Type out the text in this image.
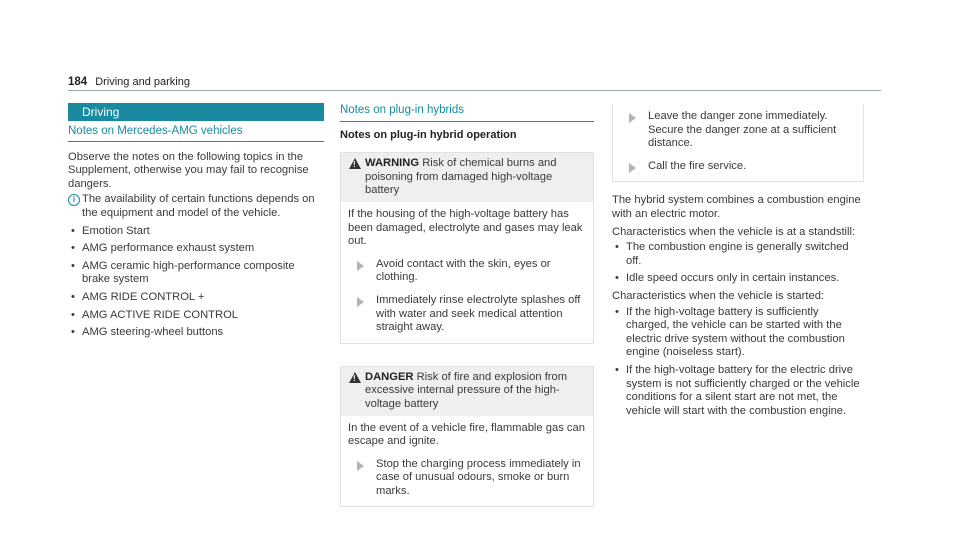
184 Driving and parking
Driving
Notes on Mercedes-AMG vehicles

Observe the notes on the following topics in the Supplement, otherwise you may fail to recognise dangers.

i The availability of certain functions depends on the equipment and model of the vehicle.
• Emotion Start
• AMG performance exhaust system
• AMG ceramic high-performance composite brake system
• AMG RIDE CONTROL +
• AMG ACTIVE RIDE CONTROL
• AMG steering-wheel buttons
Notes on plug-in hybrids
Notes on plug-in hybrid operation
!
WARNING Risk of chemical burns and poisoning from damaged high-voltage battery

If the housing of the high-voltage battery has been damaged, electrolyte and gases may leak out.

Avoid contact with the skin, eyes or clothing.
Immediately rinse electrolyte splashes off with water and seek medical attention straight away.
!
DANGER Risk of fire and explosion from excessive internal pressure of the high-voltage battery

In the event of a vehicle fire, flammable gas can escape and ignite.

Stop the charging process immediately in case of unusual odours, smoke or burn marks.
Leave the danger zone immediately. Secure the danger zone at a sufficient distance.
Call the fire service.

The hybrid system combines a combustion engine with an electric motor.

Characteristics when the vehicle is at a standstill:

• The combustion engine is generally switched off.
• Idle speed occurs only in certain instances.

Characteristics when the vehicle is started:

• If the high-voltage battery is sufficiently charged, the vehicle can be started with the electric drive system without the combustion engine (noiseless start).
• If the high-voltage battery for the electric drive system is not sufficiently charged or the vehicle conditions for a silent start are not met, the vehicle will start with the combustion engine.
